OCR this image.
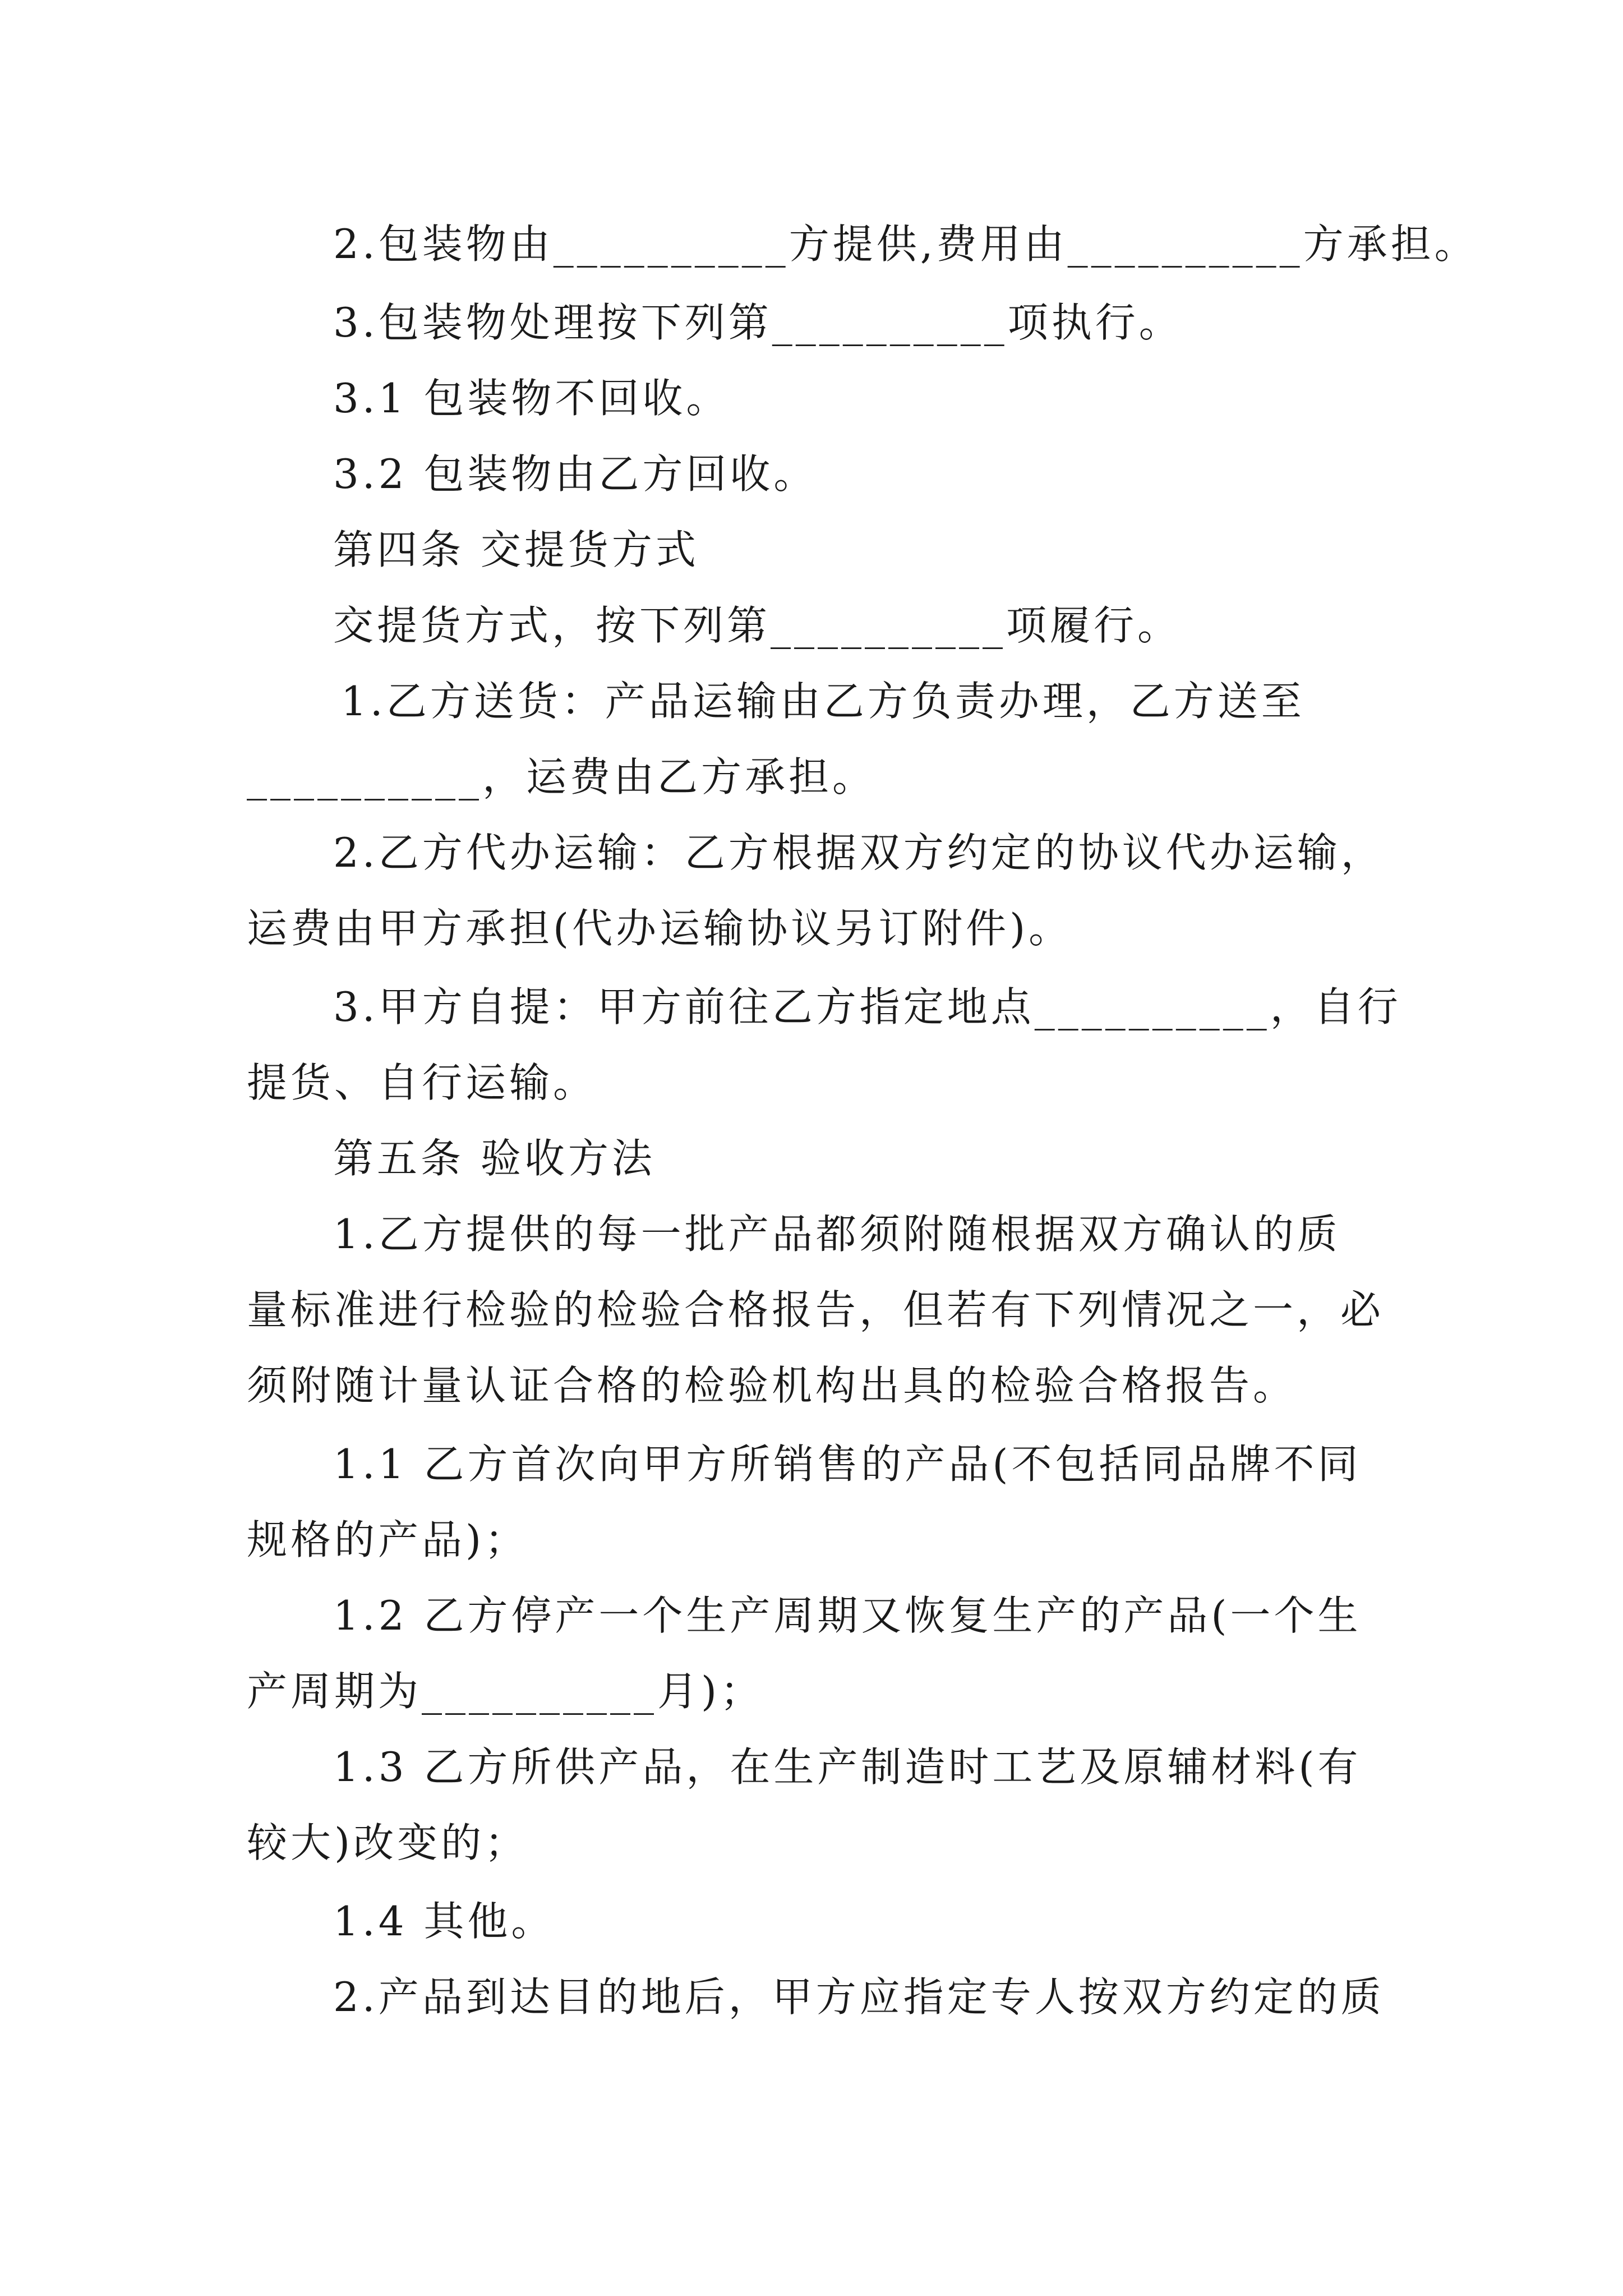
2.包装物由__________方提供,费用由__________方承担。
3.包装物处理按下列第__________项执行。
3.1 包装物不回收。
3.2 包装物由乙方回收。
第四条 交提货方式
交提货方式，按下列第__________项履行。
1.乙方送货：产品运输由乙方负责办理，乙方送至
__________，运费由乙方承担。
2.乙方代办运输：乙方根据双方约定的协议代办运输，
运费由甲方承担(代办运输协议另订附件)。
3.甲方自提：甲方前往乙方指定地点__________，自行
提货、自行运输。
第五条 验收方法
1.乙方提供的每一批产品都须附随根据双方确认的质
量标准进行检验的检验合格报告，但若有下列情况之一，必
须附随计量认证合格的检验机构出具的检验合格报告。
1.1 乙方首次向甲方所销售的产品(不包括同品牌不同
规格的产品)；
1.2 乙方停产一个生产周期又恢复生产的产品(一个生
产周期为__________月)；
1.3 乙方所供产品，在生产制造时工艺及原辅材料(有
较大)改变的；
1.4 其他。
2.产品到达目的地后，甲方应指定专人按双方约定的质
